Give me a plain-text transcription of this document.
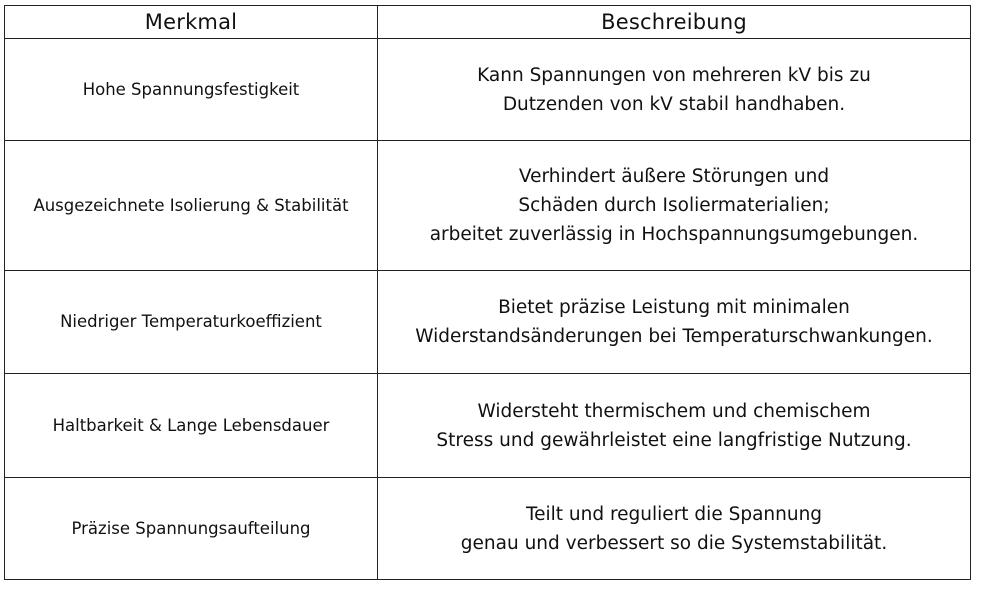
Merkmal	Beschreibung
Hohe Spannungsfestigkeit	Kann Spannungen von mehreren kV bis zu
Dutzenden von kV stabil handhaben.

Ausgezeichnete Isolierung & Stabilität	Verhindert äußere Störungen und
Schäden durch Isoliermaterialien;
arbeitet zuverlässig in Hochspannungsumgebungen.

Niedriger Temperaturkoeffizient	Bietet präzise Leistung mit minimalen
Widerstandsänderungen bei Temperaturschwankungen.

Haltbarkeit & Lange Lebensdauer	Widersteht thermischem und chemischem
Stress und gewährleistet eine langfristige Nutzung.

Präzise Spannungsaufteilung	Teilt und reguliert die Spannung
genau und verbessert so die Systemstabilität.
